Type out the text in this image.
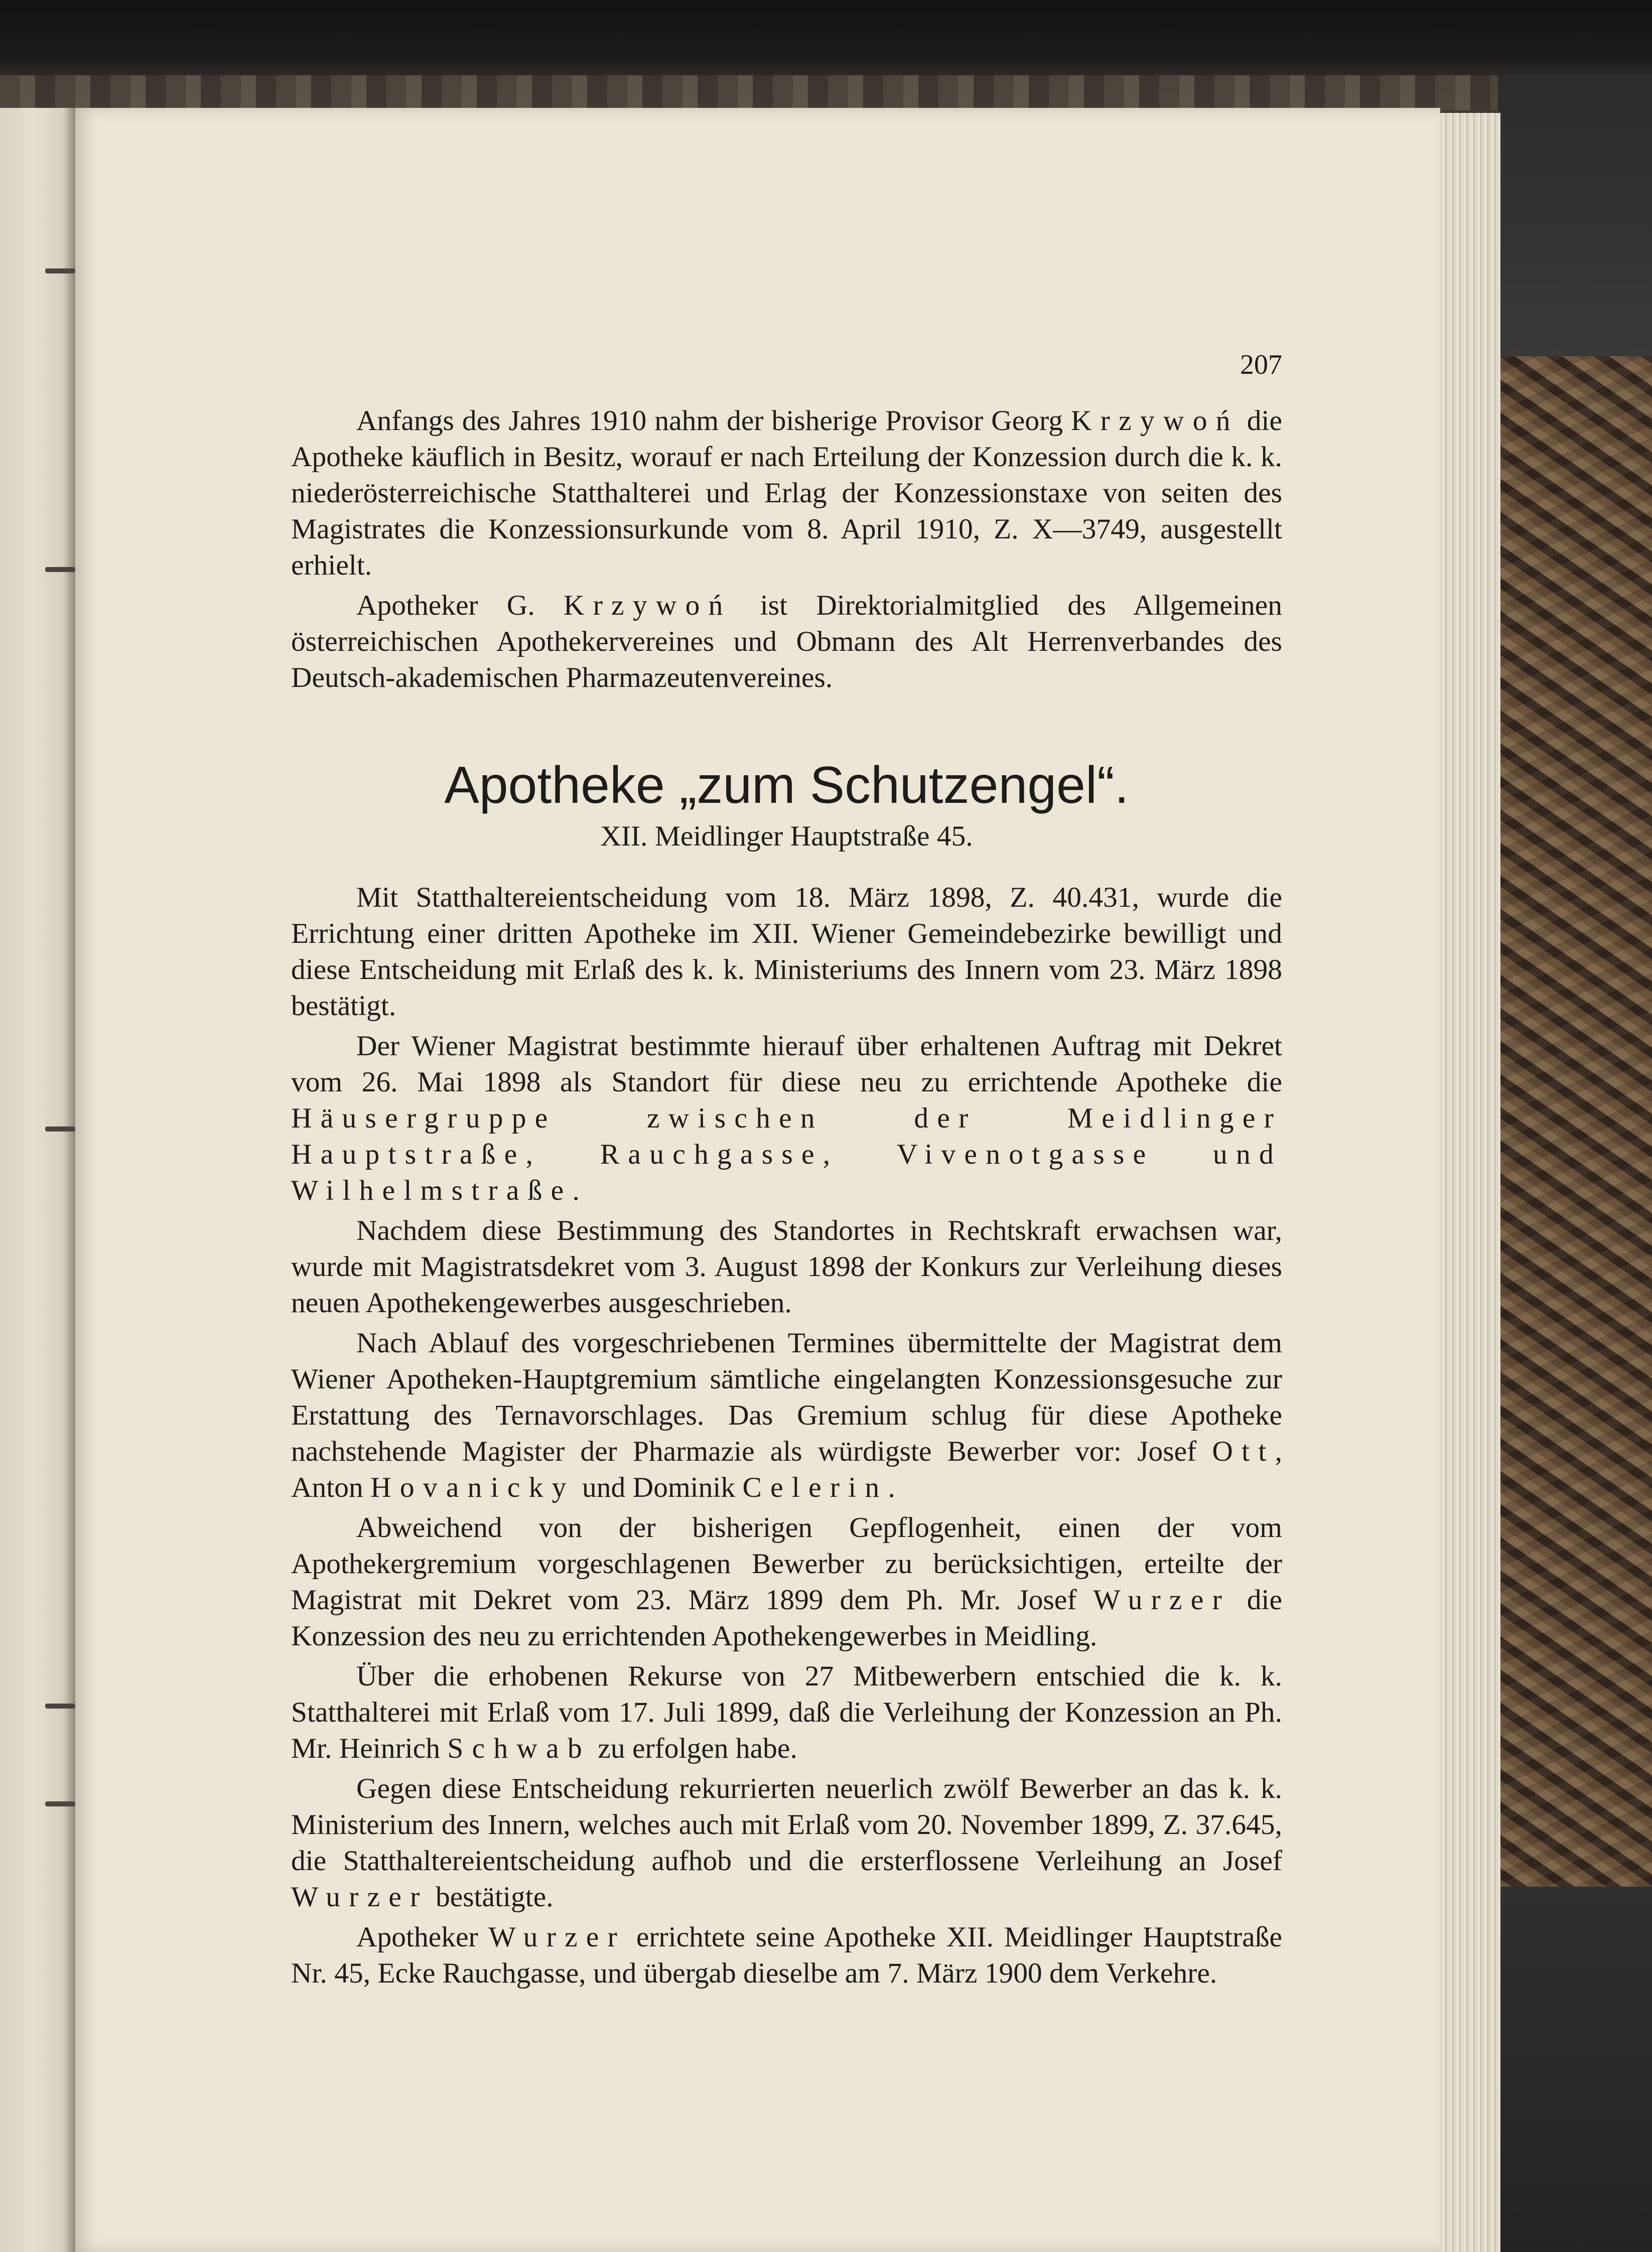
207

Anfangs des Jahres 1910 nahm der bisherige Provisor Georg Krzywoń die Apotheke käuflich in Besitz, worauf er nach Erteilung der Konzession durch die k. k. niederösterreichische Statthalterei und Erlag der Konzessionstaxe von seiten des Magistrates die Konzessionsurkunde vom 8. April 1910, Z. X—3749, ausgestellt erhielt.

Apotheker G. Krzywoń ist Direktorialmitglied des Allgemeinen österreichischen Apothekervereines und Obmann des Alt Herrenverbandes des Deutsch-akademischen Pharmazeutenvereines.

Apotheke „zum Schutzengel“.
XII. Meidlinger Hauptstraße 45.

Mit Statthaltereientscheidung vom 18. März 1898, Z. 40.431, wurde die Errichtung einer dritten Apotheke im XII. Wiener Gemeindebezirke bewilligt und diese Entscheidung mit Erlaß des k. k. Ministeriums des Innern vom 23. März 1898 bestätigt.

Der Wiener Magistrat bestimmte hierauf über erhaltenen Auftrag mit Dekret vom 26. Mai 1898 als Standort für diese neu zu errichtende Apotheke die Häusergruppe zwischen der Meidlinger Hauptstraße, Rauchgasse, Vivenotgasse und Wilhelmstraße.

Nachdem diese Bestimmung des Standortes in Rechtskraft erwachsen war, wurde mit Magistratsdekret vom 3. August 1898 der Konkurs zur Verleihung dieses neuen Apothekengewerbes ausgeschrieben.

Nach Ablauf des vorgeschriebenen Termines übermittelte der Magistrat dem Wiener Apotheken-Hauptgremium sämtliche eingelangten Konzessionsgesuche zur Erstattung des Ternavorschlages. Das Gremium schlug für diese Apotheke nachstehende Magister der Pharmazie als würdigste Bewerber vor: Josef Ott, Anton Hovanicky und Dominik Celerin.

Abweichend von der bisherigen Gepflogenheit, einen der vom Apothekergremium vorgeschlagenen Bewerber zu berücksichtigen, erteilte der Magistrat mit Dekret vom 23. März 1899 dem Ph. Mr. Josef Wurzer die Konzession des neu zu errichtenden Apothekengewerbes in Meidling.

Über die erhobenen Rekurse von 27 Mitbewerbern entschied die k. k. Statthalterei mit Erlaß vom 17. Juli 1899, daß die Verleihung der Konzession an Ph. Mr. Heinrich Schwab zu erfolgen habe.

Gegen diese Entscheidung rekurrierten neuerlich zwölf Bewerber an das k. k. Ministerium des Innern, welches auch mit Erlaß vom 20. November 1899, Z. 37.645, die Statthaltereientscheidung aufhob und die ersterflossene Verleihung an Josef Wurzer bestätigte.

Apotheker Wurzer errichtete seine Apotheke XII. Meidlinger Hauptstraße Nr. 45, Ecke Rauchgasse, und übergab dieselbe am 7. März 1900 dem Verkehre.
